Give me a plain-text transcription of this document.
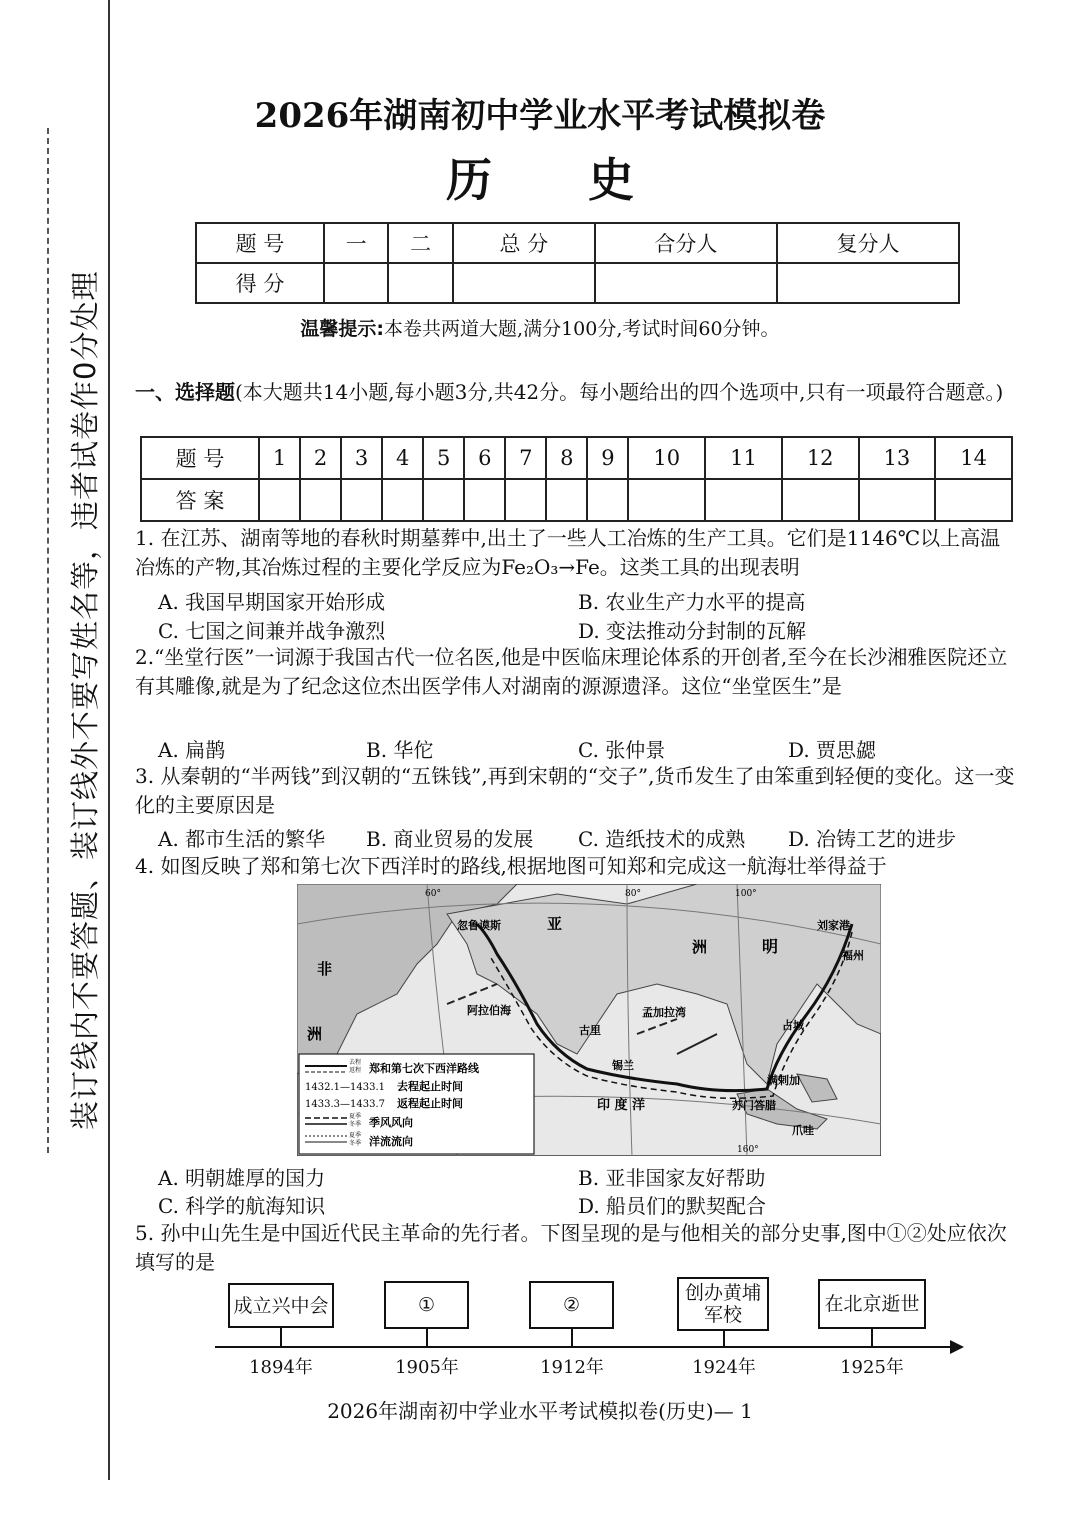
装订线内不要答题、装订线外不要写姓名等，违者试卷作0分处理
2026年湖南初中学业水平考试模拟卷
历 史
题 号	一	二	总 分	合分人	复分人
得 分					
温馨提示:本卷共两道大题,满分100分,考试时间60分钟。
一、选择题(本大题共14小题,每小题3分,共42分。每小题给出的四个选项中,只有一项最符合题意。)
题 号	1	2	3	4	5	6	7	8	9	10	11	12	13	14
答 案														
1. 在江苏、湖南等地的春秋时期墓葬中,出土了一些人工冶炼的生产工具。它们是1146℃以上高温冶炼的产物,其冶炼过程的主要化学反应为Fe₂O₃→Fe。这类工具的出现表明
A. 我国早期国家开始形成	B. 农业生产力水平的提高
C. 七国之间兼并战争激烈	D. 变法推动分封制的瓦解
2.“坐堂行医”一词源于我国古代一位名医,他是中医临床理论体系的开创者,至今在长沙湘雅医院还立有其雕像,就是为了纪念这位杰出医学伟人对湖南的源源遗泽。这位“坐堂医生”是
A. 扁鹊	B. 华佗	C. 张仲景	D. 贾思勰
3. 从秦朝的“半两钱”到汉朝的“五铢钱”,再到宋朝的“交子”,货币发生了由笨重到轻便的变化。这一变化的主要原因是
A. 都市生活的繁华 B. 商业贸易的发展 C. 造纸技术的成熟 D. 冶铸工艺的进步
4. 如图反映了郑和第七次下西洋时的路线,根据地图可知郑和完成这一航海壮举得益于
亚
洲
非
洲
明
忽鲁谟斯
阿拉伯海
古里
孟加拉湾
锡兰
印 度 洋
占城
刘家港
福州
满剌加
苏门答腊
爪哇
60°	80°	100°
160°
去程
返程 郑和第七次下西洋路线
1432.1—1433.1 去程起止时间
1433.3—1433.7 返程起止时间
夏季
冬季 季风风向
夏季
冬季 洋流流向
A. 明朝雄厚的国力	B. 亚非国家友好帮助
C. 科学的航海知识	D. 船员们的默契配合
5. 孙中山先生是中国近代民主革命的先行者。下图呈现的是与他相关的部分史事,图中①②处应依次填写的是
成立兴中会	①	②
创办黄埔
军校	在北京逝世
1894年	1905年	1912年	1924年	1925年
2026年湖南初中学业水平考试模拟卷(历史)— 1
